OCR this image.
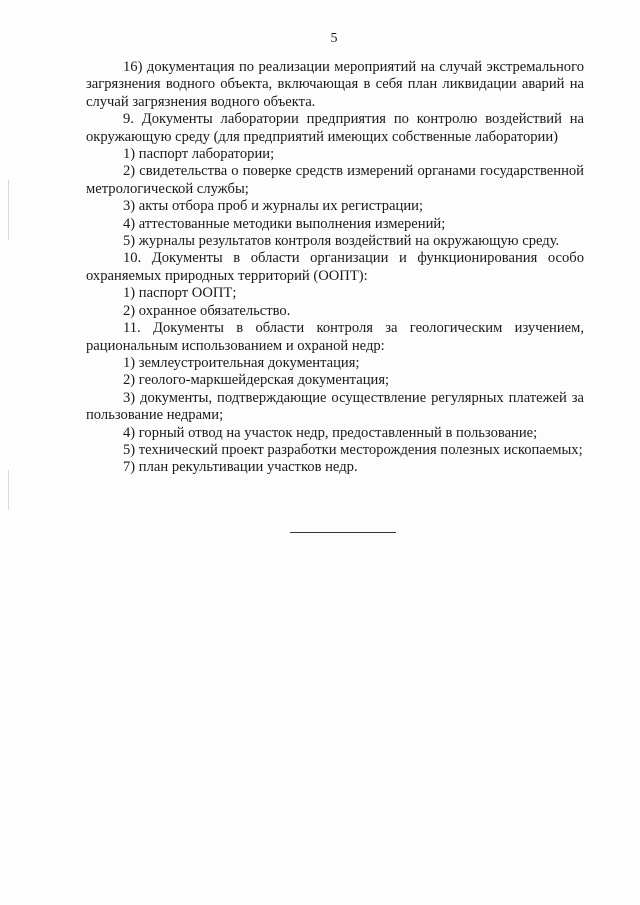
5

16) документация по реализации мероприятий на случай экстремального загрязнения водного объекта, включающая в себя план ликвидации аварий на случай загрязнения водного объекта.

9. Документы лаборатории предприятия по контролю воздействий на окружающую среду (для предприятий имеющих собственные лаборатории)

1) паспорт лаборатории;

2) свидетельства о поверке средств измерений органами государственной метрологической службы;

3) акты отбора проб и журналы их регистрации;

4) аттестованные методики выполнения измерений;

5) журналы результатов контроля воздействий на окружающую среду.

10. Документы в области организации и функционирования особо охраняемых природных территорий (ООПТ):

1) паспорт ООПТ;

2) охранное обязательство.

11. Документы в области контроля за геологическим изучением, рациональным использованием и охраной недр:

1) землеустроительная документация;

2) геолого-маркшейдерская документация;

3) документы, подтверждающие осуществление регулярных платежей за пользование недрами;

4) горный отвод на участок недр, предоставленный в пользование;

5) технический проект разработки месторождения полезных ископаемых;

7) план рекультивации участков недр.
